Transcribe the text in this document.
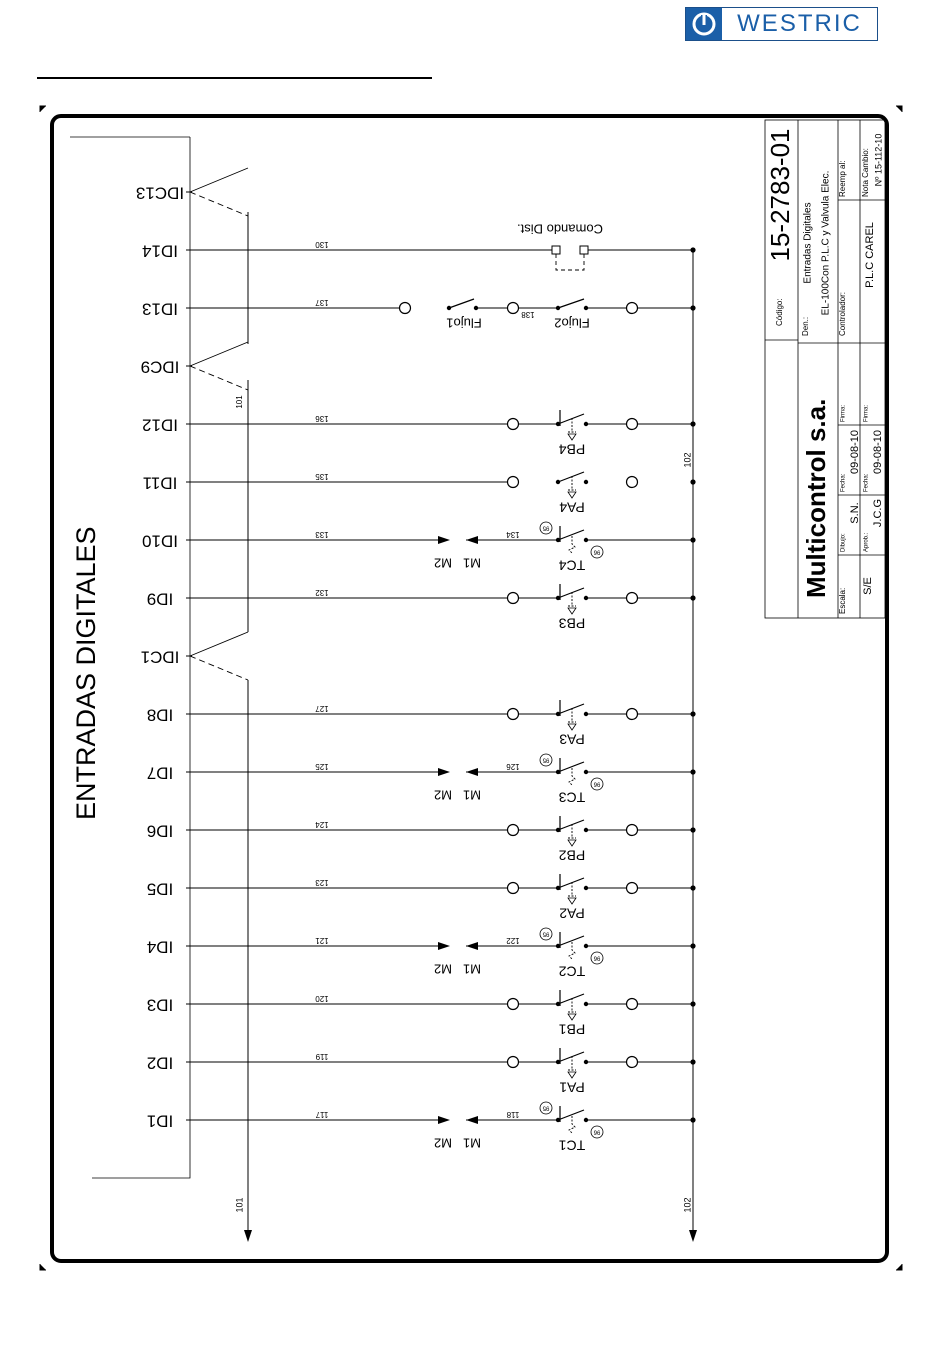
WESTRIC
Código:
15-2783-01
Multicontrol s.a.
Den.:
Entradas Digitales EL-100Con P.L.C y Valvula Elec. Controlador:
P.L.C CAREL
Reemp al: Nota Cambio: Nº 15-112-10
Escala:
S/E
Dibujo:
S.N.
Aprob.:
J.C.G
Fecha:
09-08-10
Fecha:
09-08-10
Firma:	Firma:
ENTRADAS DIGITALES
102
102
101
101
ID1	117
M2 M1
118
95
96
TC1
ID2	119
PA1
ID3	120
PB1
ID4	121
M2 M1
122
95
96
TC2
ID5	123
PA2
ID6	124
PB2
ID7	125
M2 M1
126
95
96
TC3
ID8	127
PA3
IDC1
ID9	132
PB3
ID10	133
M2 M1
134
95
96
TC4
ID11	135
PA4
ID12	136
PB4
IDC9
ID13	137
Flujo1
138
Flujo2
ID14	130
Comando Dist.
IDC13
